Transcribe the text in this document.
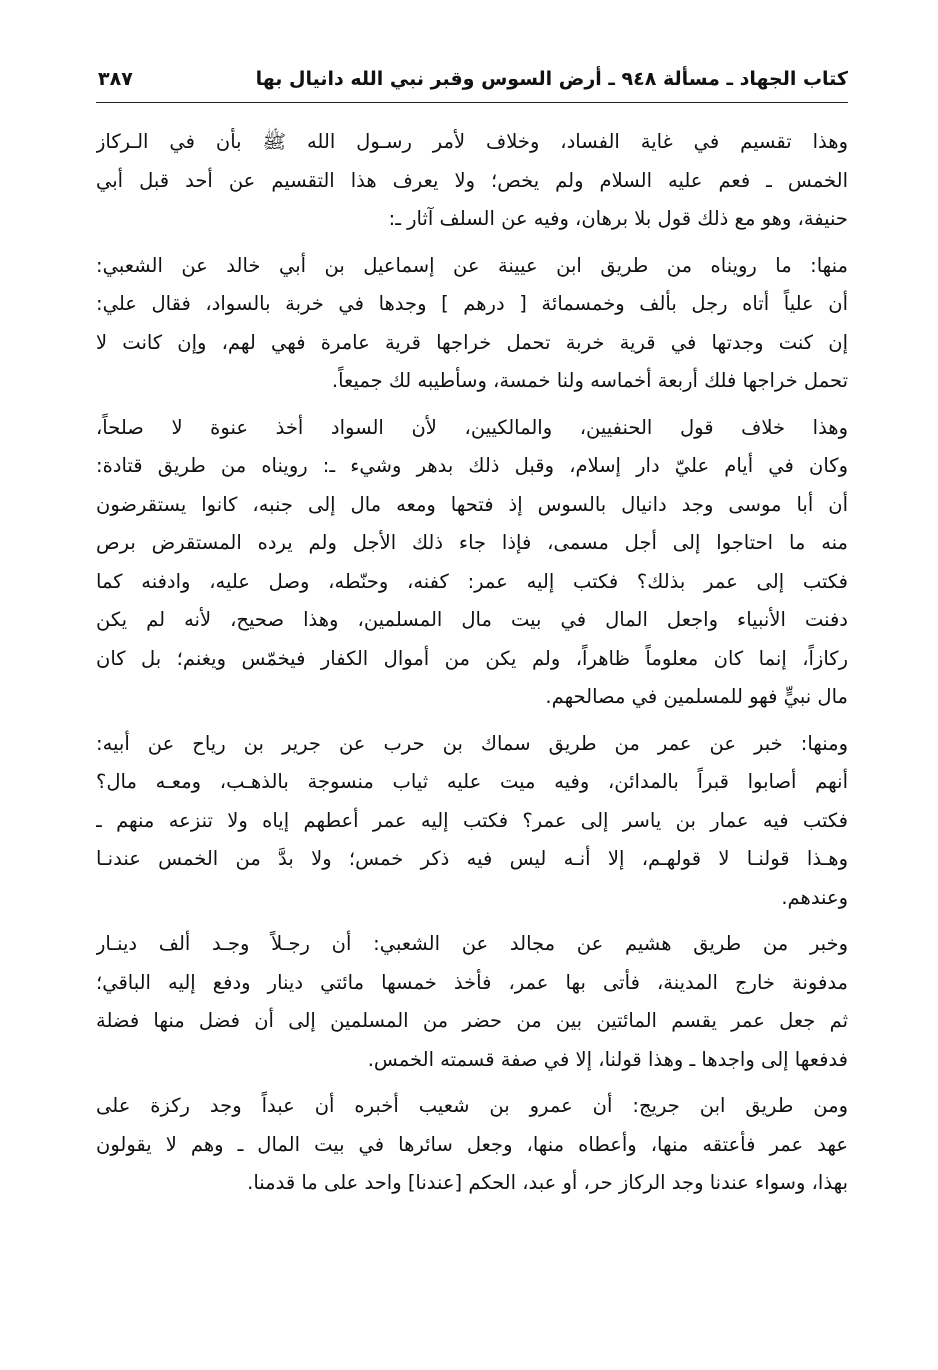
كتاب الجهاد ـ مسألة ٩٤٨ ـ أرض السوس وقبر نبي الله دانيال بها
٣٨٧
وهذا تقسيم في غاية الفساد، وخلاف لأمر رسـول الله ﷺ بأن في الـركاز
الخمس ـ فعم عليه السلام ولم يخص؛ ولا يعرف هذا التقسيم عن أحد قبل أبي
حنيفة، وهو مع ذلك قول بلا برهان، وفيه عن السلف آثار ـ:
منها: ما رويناه من طريق ابن عيينة عن إسماعيل بن أبي خالد عن الشعبي:
أن علياً أتاه رجل بألف وخمسمائة [ درهم ] وجدها في خربة بالسواد، فقال علي:
إن كنت وجدتها في قرية خربة تحمل خراجها قرية عامرة فهي لهم، وإن كانت لا
تحمل خراجها فلك أربعة أخماسه ولنا خمسة، وسأطيبه لك جميعاً.
وهذا خلاف قول الحنفيين، والمالكيين، لأن السواد أخذ عنوة لا صلحاً،
وكان في أيام عليّ دار إسلام، وقبل ذلك بدهر وشيء ـ: رويناه من طريق قتادة:
أن أبا موسى وجد دانيال بالسوس إذ فتحها ومعه مال إلى جنبه، كانوا يستقرضون
منه ما احتاجوا إلى أجل مسمى، فإذا جاء ذلك الأجل ولم يرده المستقرض برص
فكتب إلى عمر بذلك؟ فكتب إليه عمر: كفنه، وحنّطه، وصل عليه، وادفنه كما
دفنت الأنبياء واجعل المال في بيت مال المسلمين، وهذا صحيح، لأنه لم يكن
ركازاً، إنما كان معلوماً ظاهراً، ولم يكن من أموال الكفار فيخمّس ويغنم؛ بل كان
مال نبيٍّ فهو للمسلمين في مصالحهم.
ومنها: خبر عن عمر من طريق سماك بن حرب عن جرير بن رياح عن أبيه:
أنهم أصابوا قبراً بالمدائن، وفيه ميت عليه ثياب منسوجة بالذهـب، ومعـه مال؟
فكتب فيه عمار بن ياسر إلى عمر؟ فكتب إليه عمر أعطهم إياه ولا تنزعه منهم ـ
وهـذا قولنـا لا قولهـم، إلا أنـه ليس فيه ذكر خمس؛ ولا بدَّ من الخمس عندنـا
وعندهم.
وخبر من طريق هشيم عن مجالد عن الشعبي: أن رجـلاً وجـد ألف دينـار
مدفونة خارج المدينة، فأتى بها عمر، فأخذ خمسها مائتي دينار ودفع إليه الباقي؛
ثم جعل عمر يقسم المائتين بين من حضر من المسلمين إلى أن فضل منها فضلة
فدفعها إلى واجدها ـ وهذا قولنا، إلا في صفة قسمته الخمس.
ومن طريق ابن جريج: أن عمرو بن شعيب أخبره أن عبداً وجد ركزة على
عهد عمر فأعتقه منها، وأعطاه منها، وجعل سائرها في بيت المال ـ وهم لا يقولون
بهذا، وسواء عندنا وجد الركاز حر، أو عبد، الحكم [عندنا] واحد على ما قدمنا.
